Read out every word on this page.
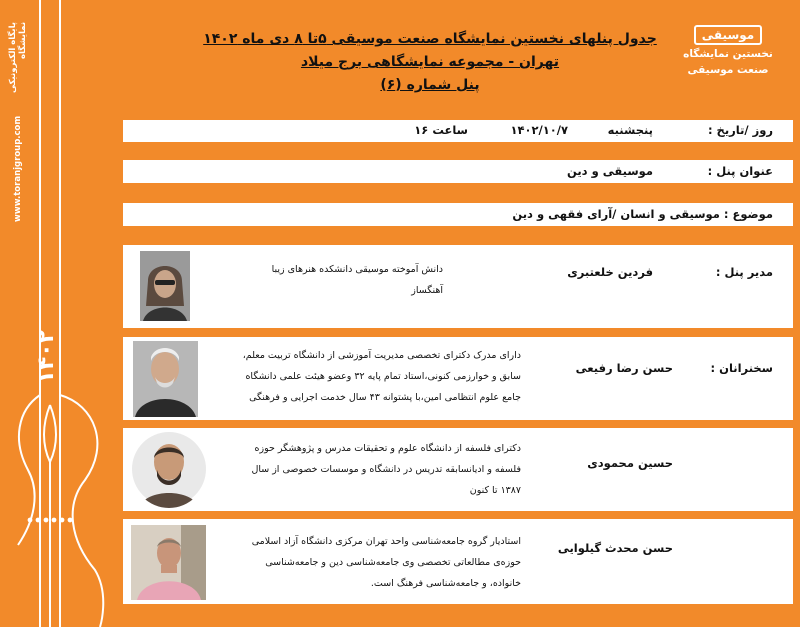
پایگاه الکترونیکی نمایشگاه
www.toranjgroup.com
۱۴۰۲
موسیقی
نخستین نمایشگاه
صنعت موسیقی
جدول پنلهای نخستین نمایشگاه صنعت موسیقی ۵تا ۸ دی ماه ۱۴۰۲
تهران - مجموعه نمایشگاهی برج میلاد
پنل شماره (۶)
روز /تاریخ :
پنجشنبه
۱۴۰۲/۱۰/۷
ساعت ۱۶
عنوان پنل :
موسیقی و دین
موضوع : موسیقی و انسان /آرای فقهی و دین
مدیر پنل :
فردین خلعتبری
دانش آموخته موسیقی دانشکده هنرهای زیبا
آهنگساز
سخنرانان :
حسن رضا رفیعی
دارای مدرک دکترای تخصصی مدیریت آموزشی از دانشگاه تربیت معلم، سابق و خوارزمی کنونی،استاد تمام پایه ۳۲ وعضو هیئت علمی دانشگاه جامع علوم انتظامی امین،با پشتوانه ۴۳ سال خدمت اجرایی و فرهنگی
حسین محمودی
دکترای فلسفه از دانشگاه علوم و تحقیقات مدرس و پژوهشگر حوزه فلسفه و ادیانسابقه تدریس در دانشگاه و موسسات خصوصی از سال ۱۳۸۷ تا کنون
حسن محدث گیلوایی
استادیار گروه جامعه‌شناسی واحد تهران مرکزی دانشگاه آزاد اسلامی حوزه‌ی مطالعاتی تخصصی وی جامعه‌شناسی دین و جامعه‌شناسی خانواده، و جامعه‌شناسی فرهنگ است.
